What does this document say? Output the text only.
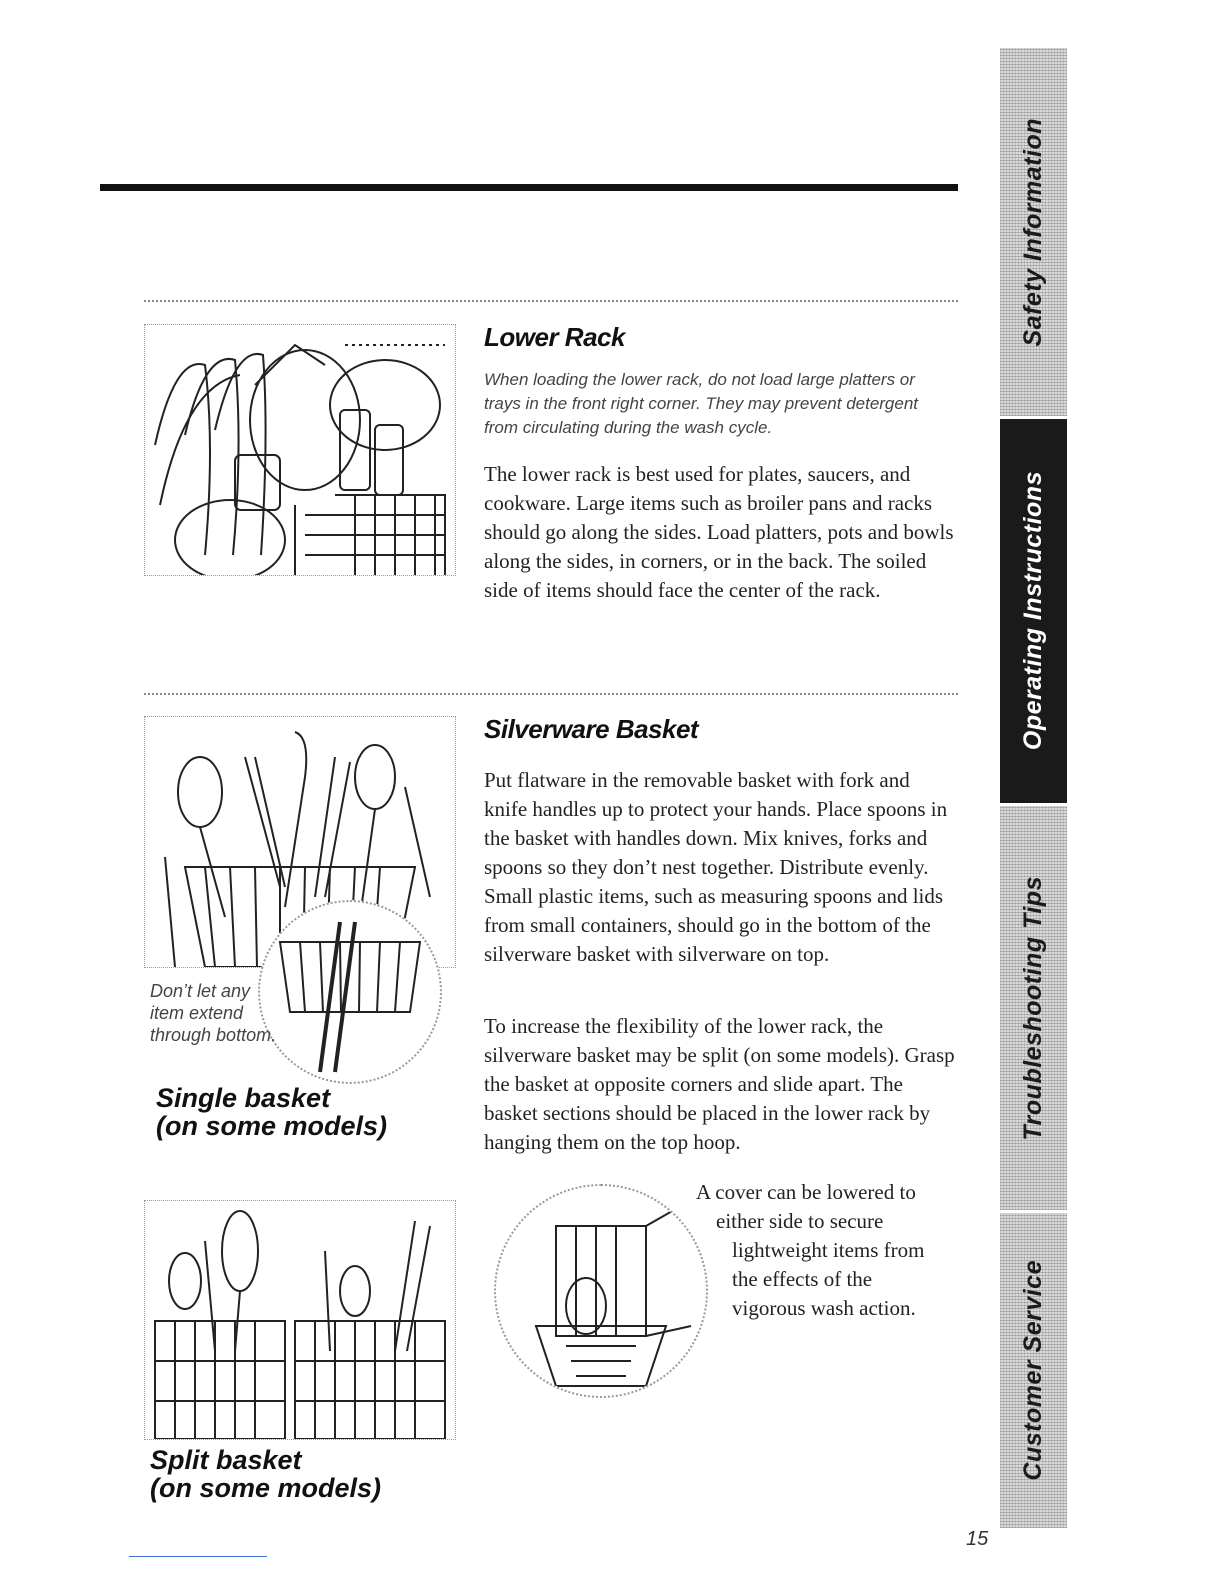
Lower Rack

When loading the lower rack, do not load large platters or trays in the front right corner. They may prevent detergent from circulating during the wash cycle.

The lower rack is best used for plates, saucers, and cookware. Large items such as broiler pans and racks should go along the sides. Load platters, pots and bowls along the sides, in corners, or in the back. The soiled side of items should face the center of the rack.

Don’t let any
item extend
through bottom.

Single basket
(on some models)

Split basket
(on some models)

Silverware Basket

Put flatware in the removable basket with fork and knife handles up to protect your hands. Place spoons in the basket with handles down. Mix knives, forks and spoons so they don’t nest together. Distribute evenly. Small plastic items, such as measuring spoons and lids from small containers, should go in the bottom of the silverware basket with silverware on top.

To increase the flexibility of the lower rack, the silverware basket may be split (on some models). Grasp the basket at opposite corners and slide apart. The basket sections should be placed in the lower rack by hanging them on the top hoop.

A cover can be lowered to
either side to secure
lightweight items from
the effects of the
vigorous wash action.
Safety Information
Operating Instructions
Troubleshooting Tips
Customer Service
15
